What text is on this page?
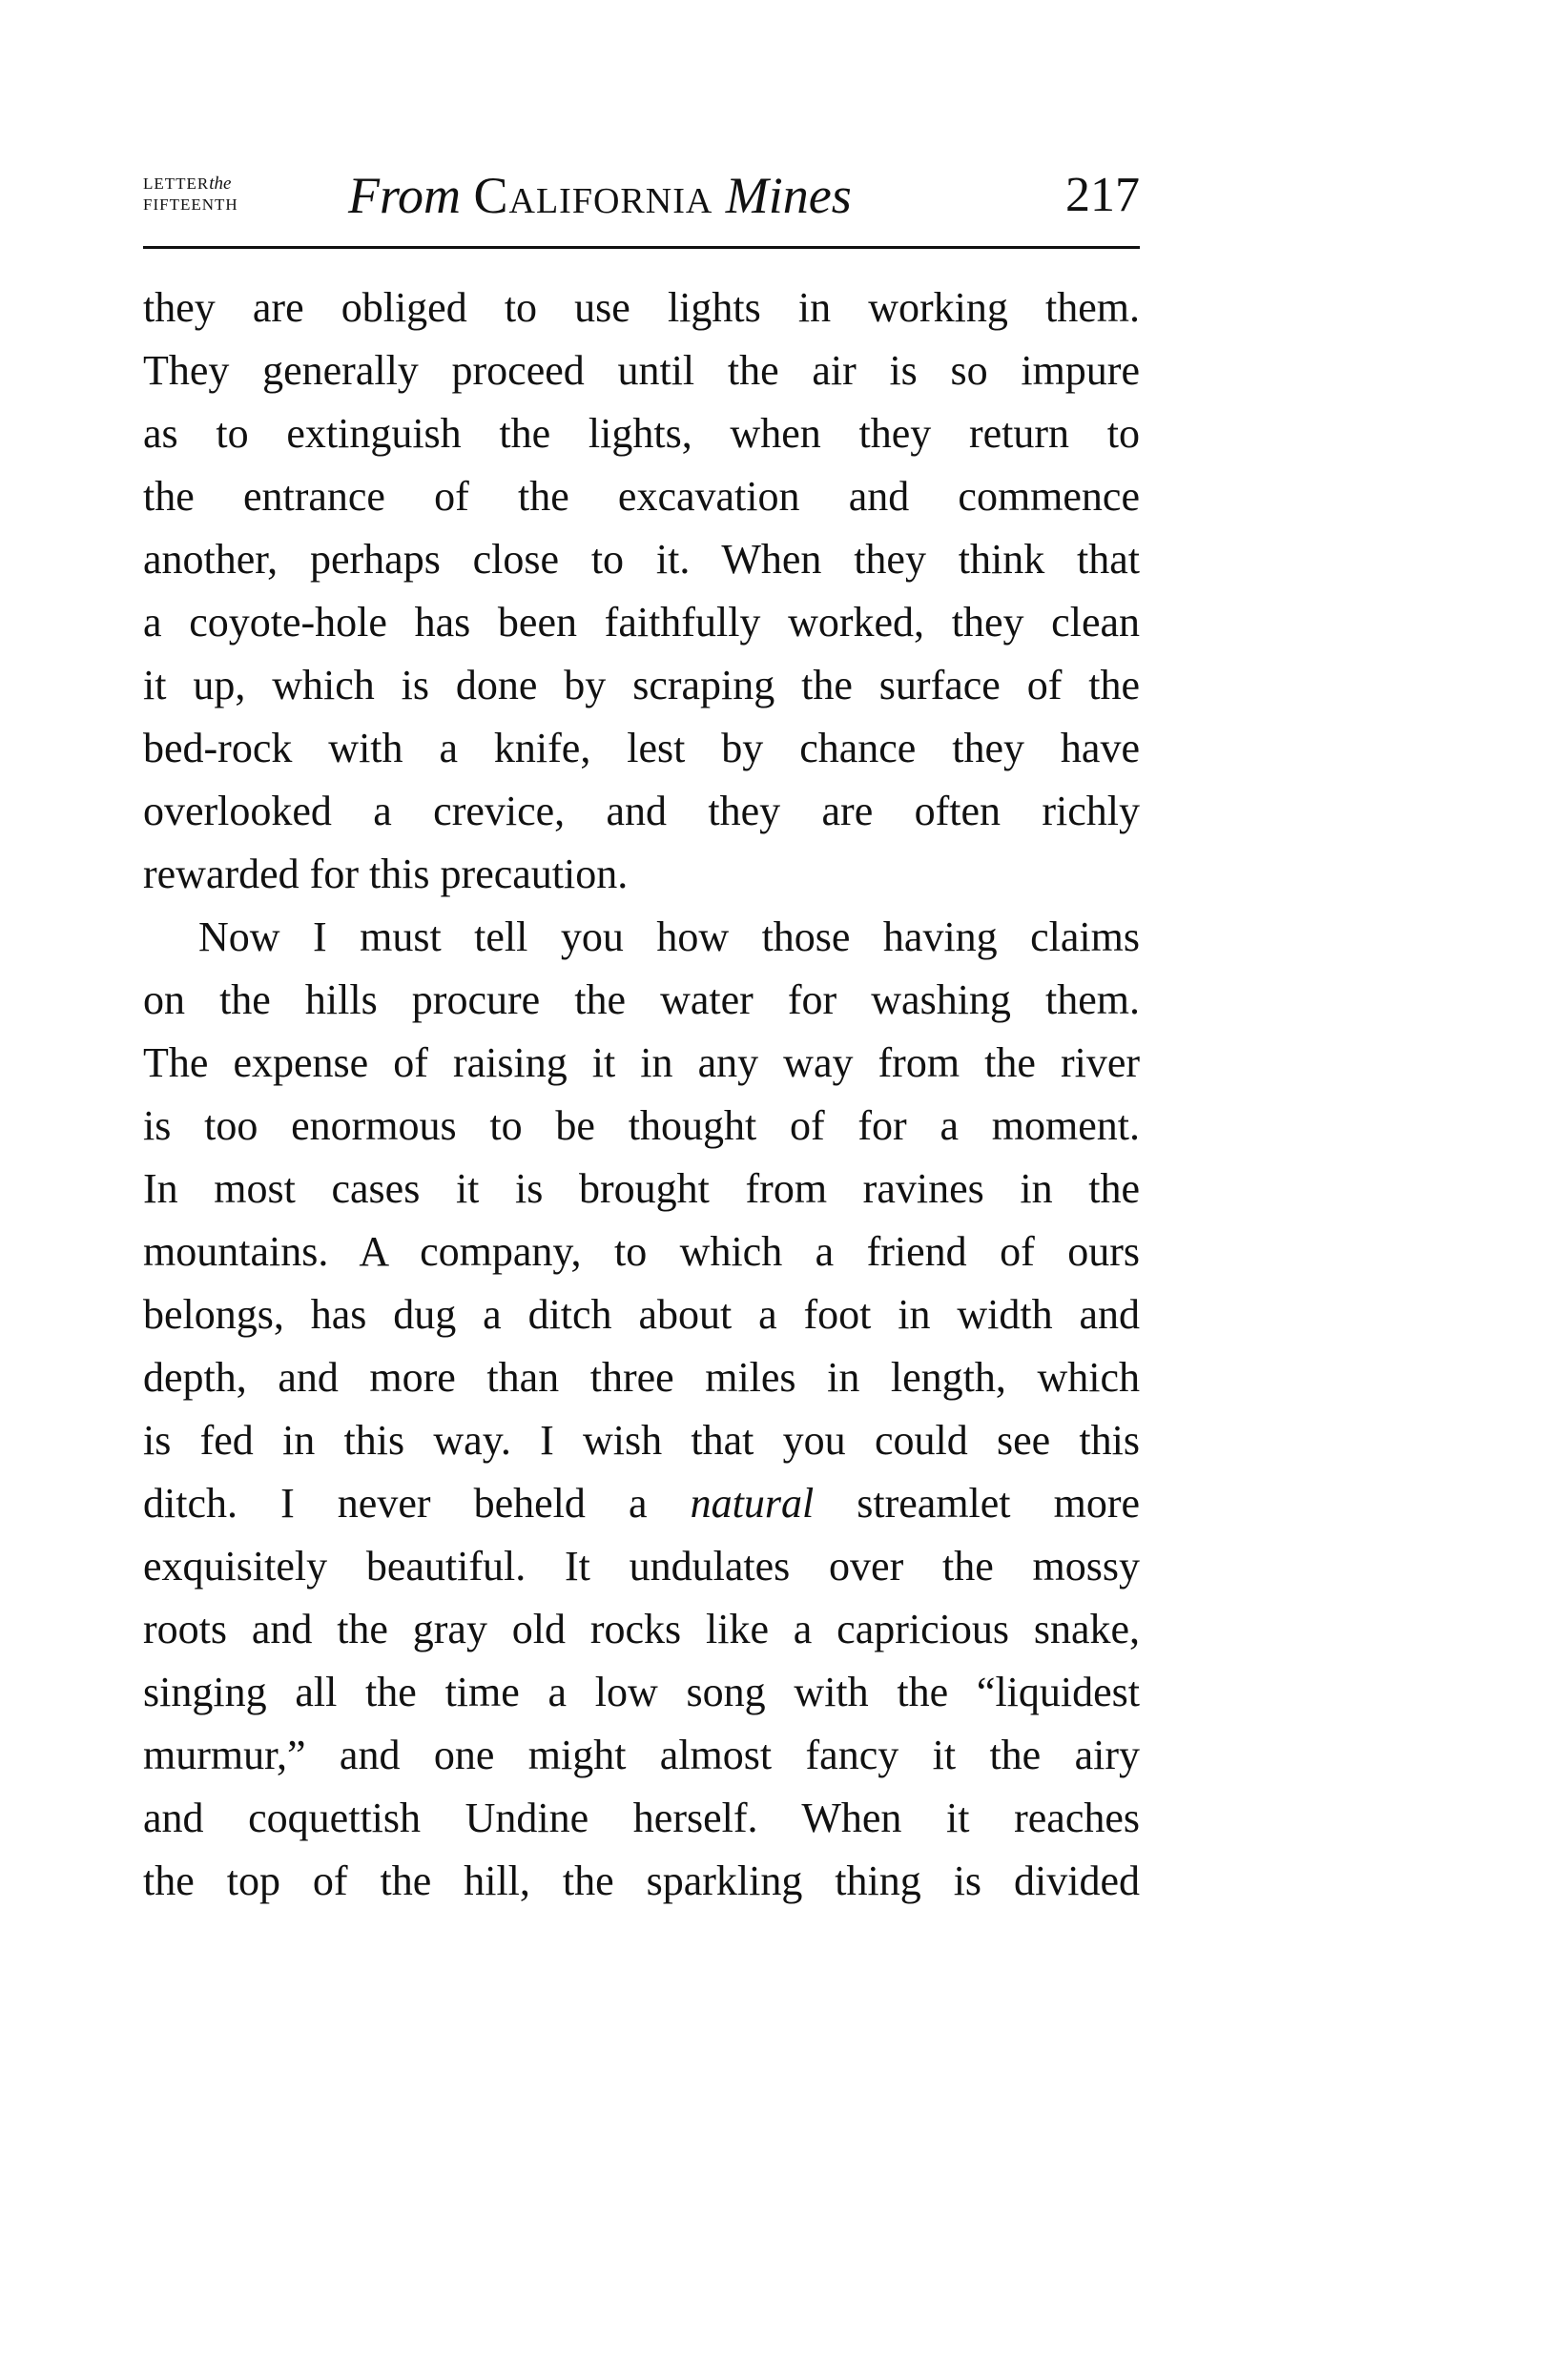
LETTERthe
FIFTEENTH From California Mines	217
they are obliged to use lights in working them.
They generally proceed until the air is so impure
as to extinguish the lights, when they return to
the entrance of the excavation and commence
another, perhaps close to it. When they think that
a coyote-hole has been faithfully worked, they clean
it up, which is done by scraping the surface of the
bed-rock with a knife, lest by chance they have
overlooked a crevice, and they are often richly
rewarded for this precaution.
Now I must tell you how those having claims
on the hills procure the water for washing them.
The expense of raising it in any way from the river
is too enormous to be thought of for a moment.
In most cases it is brought from ravines in the
mountains. A company, to which a friend of ours
belongs, has dug a ditch about a foot in width and
depth, and more than three miles in length, which
is fed in this way. I wish that you could see this
ditch. I never beheld a natural streamlet more
exquisitely beautiful. It undulates over the mossy
roots and the gray old rocks like a capricious snake,
singing all the time a low song with the “liquidest
murmur,” and one might almost fancy it the airy
and coquettish Undine herself. When it reaches
the top of the hill, the sparkling thing is divided
